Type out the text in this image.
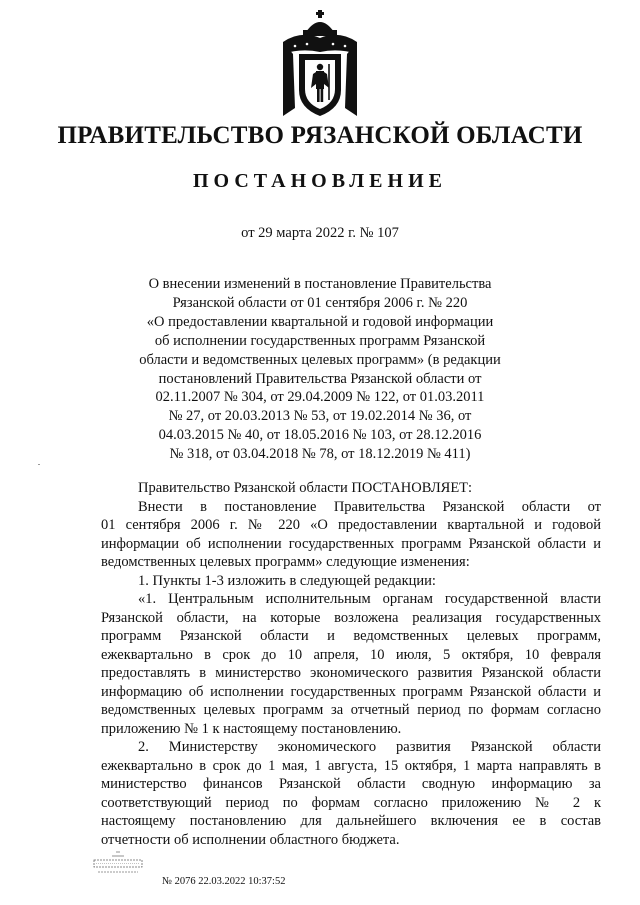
ПРАВИТЕЛЬСТВО РЯЗАНСКОЙ ОБЛАСТИ
ПОСТАНОВЛЕНИЕ
от 29 марта 2022 г. № 107
О внесении изменений в постановление Правительства
Рязанской области от 01 сентября 2006 г. № 220
«О предоставлении квартальной и годовой информации
об исполнении государственных программ Рязанской
области и ведомственных целевых программ» (в редакции
постановлений Правительства Рязанской области от
02.11.2007 № 304, от 29.04.2009 № 122, от 01.03.2011
№ 27, от 20.03.2013 № 53, от 19.02.2014 № 36, от
04.03.2015 № 40, от 18.05.2016 № 103, от 28.12.2016
№ 318, от 03.04.2018 № 78, от 18.12.2019 № 411)
Правительство Рязанской области ПОСТАНОВЛЯЕТ:
Внести в постановление Правительства Рязанской области от
01 сентября 2006 г. № 220 «О предоставлении квартальной и годовой
информации об исполнении государственных программ Рязанской области и
ведомственных целевых программ» следующие изменения:
1. Пункты 1-3 изложить в следующей редакции:
«1. Центральным исполнительным органам государственной власти
Рязанской области, на которые возложена реализация государственных
программ Рязанской области и ведомственных целевых программ,
ежеквартально в срок до 10 апреля, 10 июля, 5 октября, 10 февраля
предоставлять в министерство экономического развития Рязанской области
информацию об исполнении государственных программ Рязанской области и
ведомственных целевых программ за отчетный период по формам согласно
приложению № 1 к настоящему постановлению.
2. Министерству экономического развития Рязанской области
ежеквартально в срок до 1 мая, 1 августа, 15 октября, 1 марта направлять в
министерство финансов Рязанской области сводную информацию за
соответствующий период по формам согласно приложению № 2 к
настоящему постановлению для дальнейшего включения ее в состав
отчетности об исполнении областного бюджета.
№ 2076 22.03.2022 10:37:52
